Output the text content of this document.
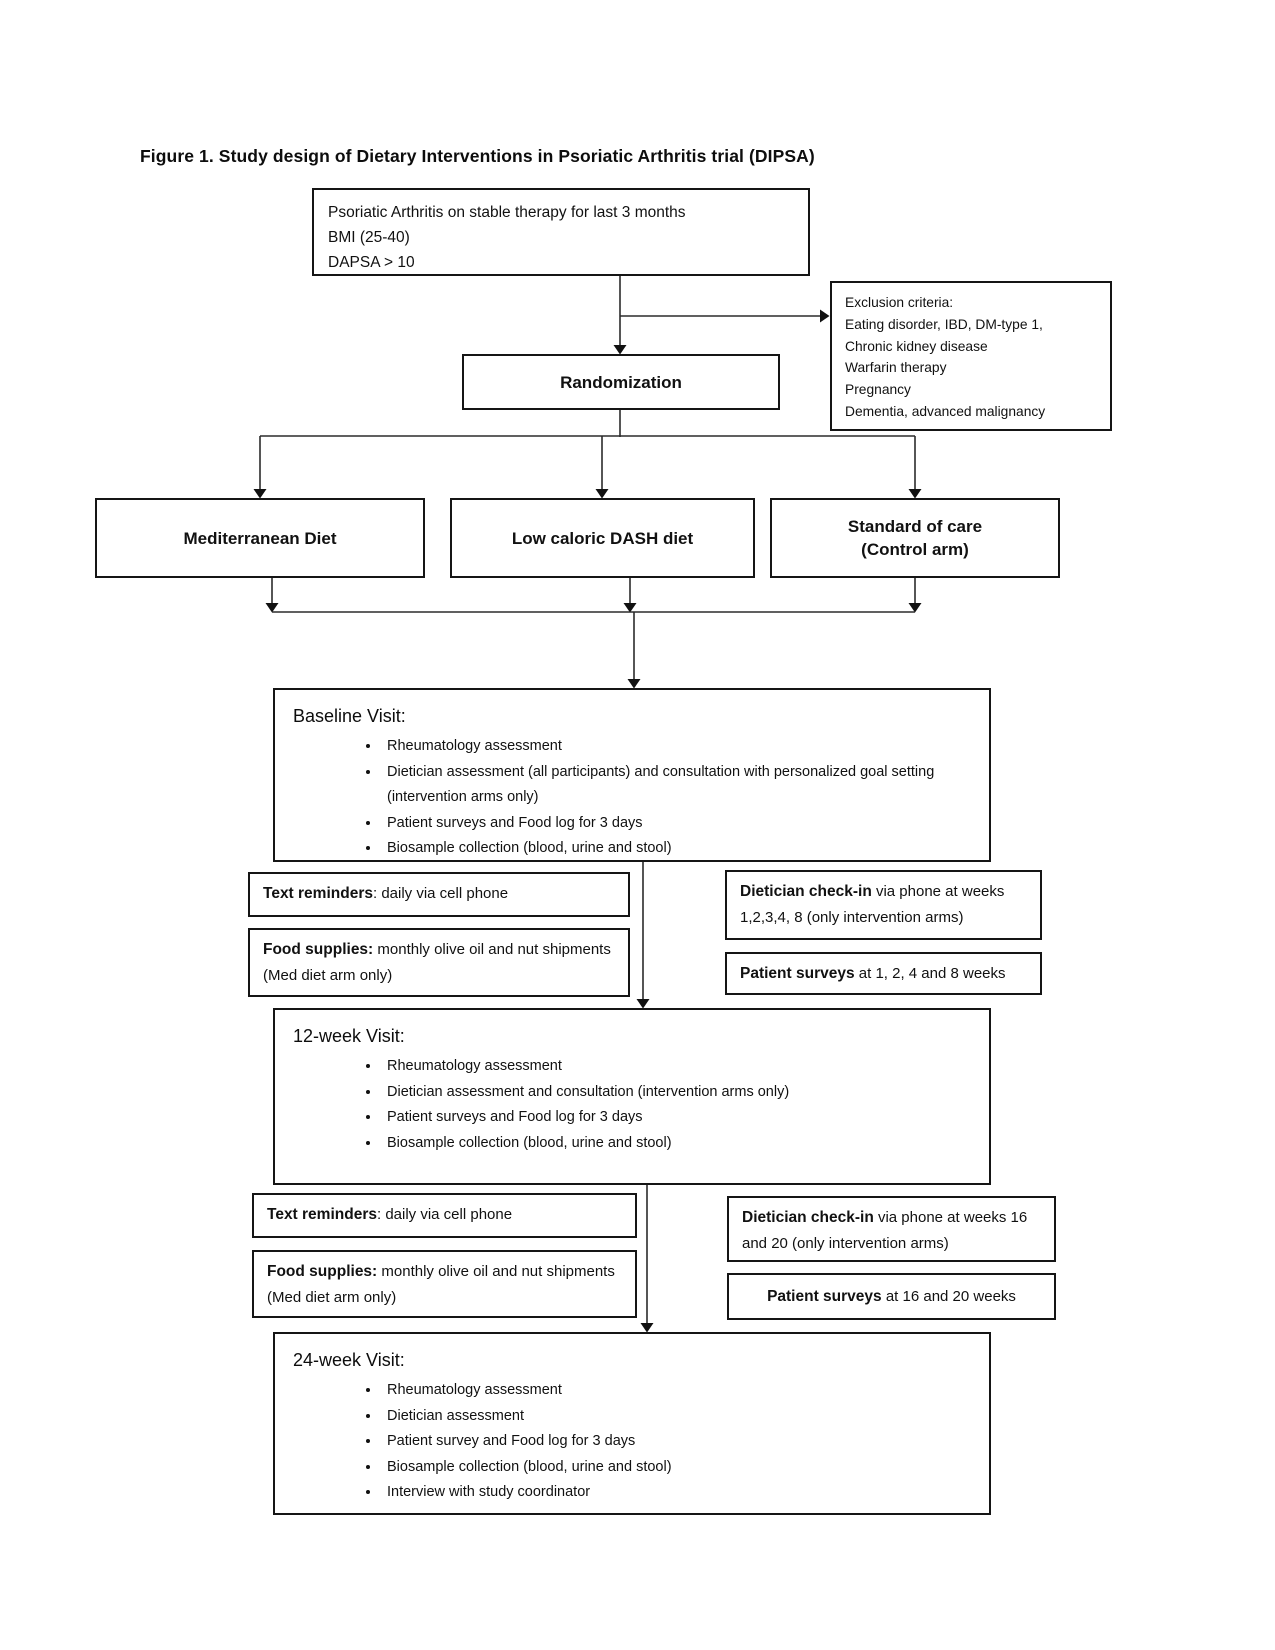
Figure 1. Study design of Dietary Interventions in Psoriatic Arthritis trial (DIPSA)
Psoriatic Arthritis on stable therapy for last 3 months
BMI (25-40)
DAPSA > 10
Exclusion criteria:
Eating disorder, IBD, DM-type 1,
Chronic kidney disease
Warfarin therapy
Pregnancy
Dementia, advanced malignancy
Randomization
Mediterranean Diet	Low caloric DASH diet
Standard of care
(Control arm)
Baseline Visit:
• Rheumatology assessment
• Dietician assessment (all participants) and consultation with personalized goal setting (intervention arms only)
• Patient surveys and Food log for 3 days
• Biosample collection (blood, urine and stool)
Text reminders: daily via cell phone
Food supplies: monthly olive oil and nut shipments (Med diet arm only)
Dietician check-in via phone at weeks 1,2,3,4, 8 (only intervention arms)
Patient surveys at 1, 2, 4 and 8 weeks
12-week Visit:
• Rheumatology assessment
• Dietician assessment and consultation (intervention arms only)
• Patient surveys and Food log for 3 days
• Biosample collection (blood, urine and stool)
Text reminders: daily via cell phone
Food supplies: monthly olive oil and nut shipments (Med diet arm only)
Dietician check-in via phone at weeks 16 and 20 (only intervention arms)
Patient surveys at 16 and 20 weeks
24-week Visit:
• Rheumatology assessment
• Dietician assessment
• Patient survey and Food log for 3 days
• Biosample collection (blood, urine and stool)
• Interview with study coordinator
